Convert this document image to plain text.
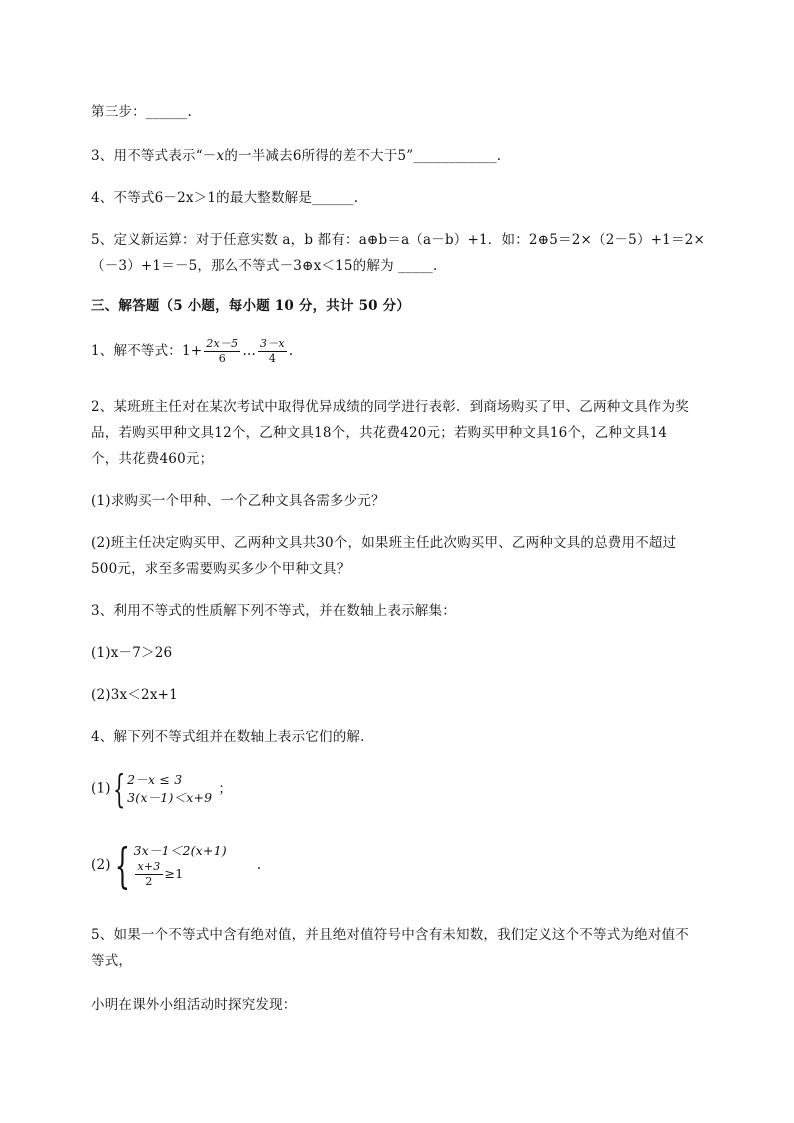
第三步：______.
3、用不等式表示“－x的一半减去6所得的差不大于5”____________.
4、不等式6－2x＞1的最大整数解是______.
5、定义新运算：对于任意实数 a，b 都有：a⊕b＝a（a－b）+1．如：2⊕5＝2×（2－5）+1＝2×
（－3）+1＝－5，那么不等式－3⊕x＜15的解为 _____.
三、解答题（5 小题，每小题 10 分，共计 50 分）
1、解不等式：$1+ \frac{2x-5}{6}$ … $\frac{3-x}{4}$ .
2、某班班主任对在某次考试中取得优异成绩的同学进行表彰．到商场购买了甲、乙两种文具作为奖
品，若购买甲种文具12个，乙种文具18个，共花费420元；若购买甲种文具16个，乙种文具14
个，共花费460元；
(1)求购买一个甲种、一个乙种文具各需多少元？
(2)班主任决定购买甲、乙两种文具共30个，如果班主任此次购买甲、乙两种文具的总费用不超过
500元，求至多需要购买多少个甲种文具？
3、利用不等式的性质解下列不等式，并在数轴上表示解集：
(1)x－7＞26
(2)3x＜2x+1
4、解下列不等式组并在数轴上表示它们的解．
(1){ 2－x ≤ 3
3(x－1)＜x+9
；
(2){ 3x－1＜2(x+1)
$\frac{x+3}{2} \ge 1$
.
5、如果一个不等式中含有绝对值，并且绝对值符号中含有未知数，我们定义这个不等式为绝对值不
等式，
小明在课外小组活动时探究发现：
